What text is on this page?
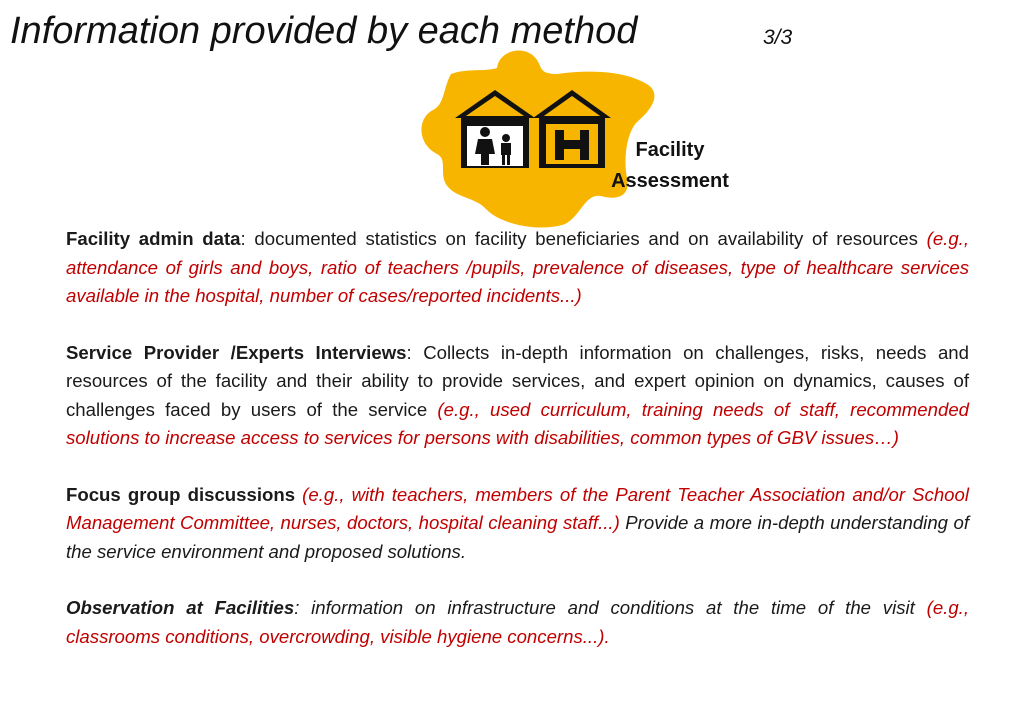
Information provided by each method	3/3
Facility
Assessment

Facility admin data: documented statistics on facility beneficiaries and on availability of resources (e.g., attendance of girls and boys, ratio of teachers /pupils, prevalence of diseases, type of healthcare services available in the hospital, number of cases/reported incidents...)

Service Provider /Experts Interviews: Collects in-depth information on challenges, risks, needs and resources of the facility and their ability to provide services, and expert opinion on dynamics, causes of challenges faced by users of the service (e.g., used curriculum, training needs of staff, recommended solutions to increase access to services for persons with disabilities, common types of GBV issues…)

Focus group discussions (e.g., with teachers, members of the Parent Teacher Association and/or School Management Committee, nurses, doctors, hospital cleaning staff...) Provide a more in-depth understanding of the service environment and proposed solutions.

Observation at Facilities: information on infrastructure and conditions at the time of the visit (e.g., classrooms conditions, overcrowding, visible hygiene concerns...).
